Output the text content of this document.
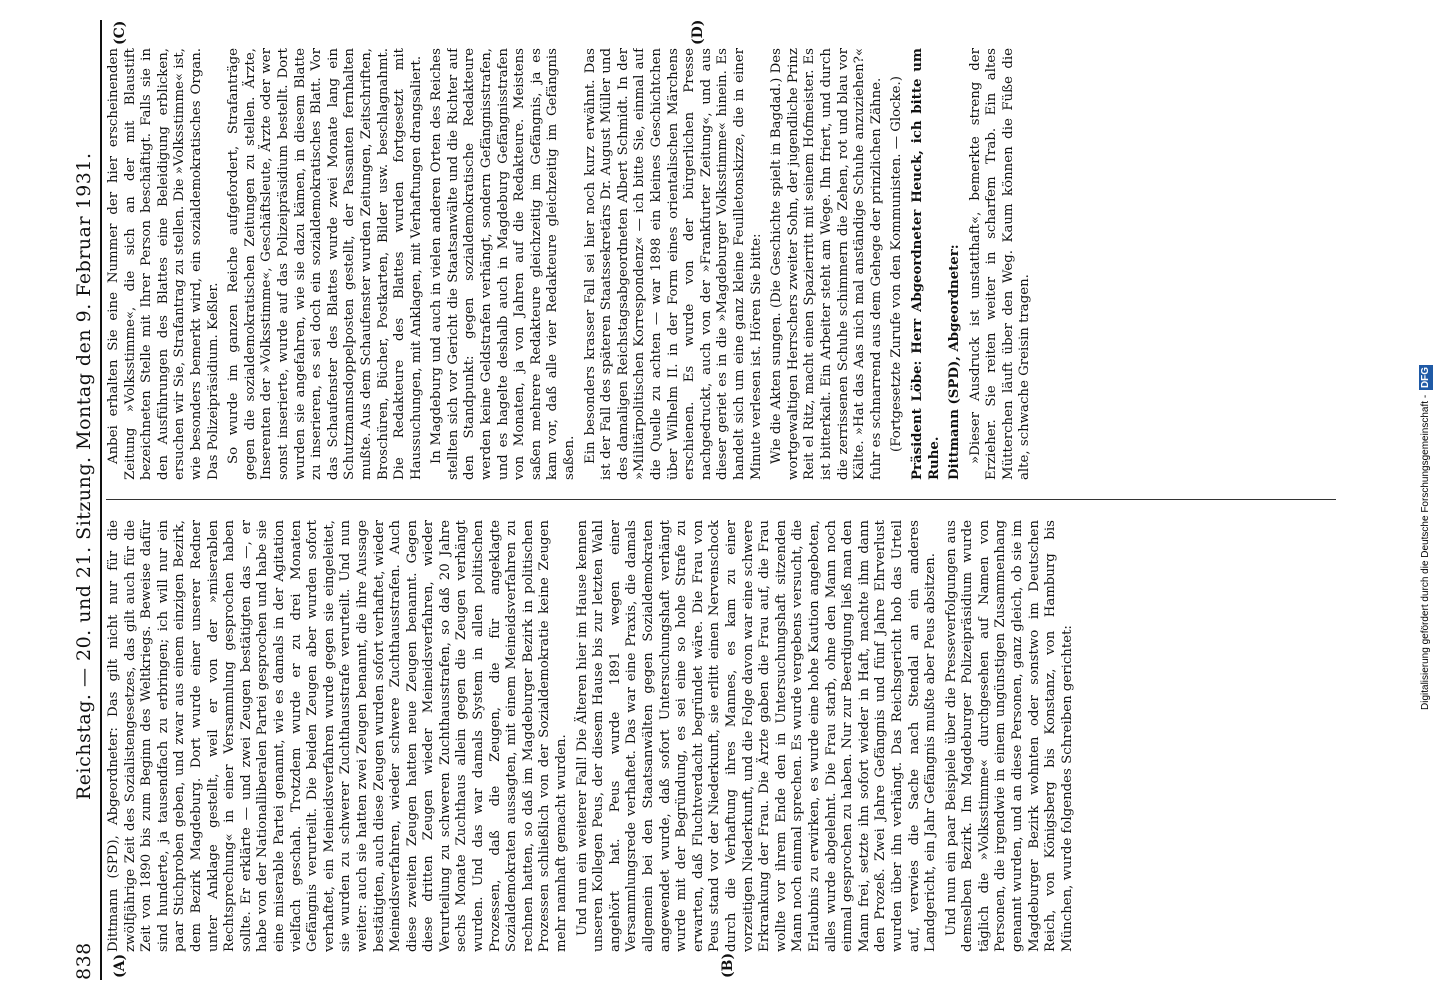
838
Reichstag. — 20. und 21. Sitzung. Montag den 9. Februar 1931.
(A)	(B)
(C)	(D)

Dittmann (SPD), Abgeordneter: Das gilt nicht nur für die zwölfjährige Zeit des Sozialistengesetzes, das gilt auch für die Zeit von 1890 bis zum Beginn des Weltkriegs. Beweise dafür sind hunderte, ja tausendfach zu erbringen; ich will nur ein paar Stichproben geben, und zwar aus einem einzigen Bezirk, dem Bezirk Magdeburg. Dort wurde einer unserer Redner unter Anklage gestellt, weil er von der »miserablen Rechtsprechung« in einer Versammlung gesprochen haben sollte. Er erklärte — und zwei Zeugen bestätigten das —, er habe von der Nationalliberalen Partei gesprochen und habe sie eine miserable Partei genannt, wie es damals in der Agitation vielfach geschah. Trotzdem wurde er zu drei Monaten Gefängnis verurteilt. Die beiden Zeugen aber wurden sofort verhaftet, ein Meineidsverfahren wurde gegen sie eingeleitet, sie wurden zu schwerer Zuchthausstrafe verurteilt. Und nun weiter: auch sie hatten zwei Zeugen benannt, die ihre Aussage bestätigten, auch diese Zeugen wurden sofort verhaftet, wieder Meineidsverfahren, wieder schwere Zuchthausstrafen. Auch diese zweiten Zeugen hatten neue Zeugen benannt. Gegen diese dritten Zeugen wieder Meineidsverfahren, wieder Verurteilung zu schweren Zuchthausstrafen, so daß 20 Jahre sechs Monate Zuchthaus allein gegen die Zeugen verhängt wurden. Und das war damals System in allen politischen Prozessen, daß die Zeugen, die für angeklagte Sozialdemokraten aussagten, mit einem Meineidsverfahren zu rechnen hatten, so daß im Magdeburger Bezirk in politischen Prozessen schließlich von der Sozialdemokratie keine Zeugen mehr namhaft gemacht wurden. Und nun ein weiterer Fall! Die Älteren hier im Hause kennen unseren Kollegen Peus, der diesem Hause bis zur letzten Wahl angehört hat. Peus wurde 1891 wegen einer Versammlungsrede verhaftet. Das war eine Praxis, die damals allgemein bei den Staatsanwälten gegen Sozialdemokraten angewendet wurde, daß sofort Untersuchungshaft verhängt wurde mit der Begründung, es sei eine so hohe Strafe zu erwarten, daß Fluchtverdacht begründet wäre. Die Frau von Peus stand vor der Niederkunft, sie erlitt einen Nervenschock durch die Verhaftung ihres Mannes, es kam zu einer vorzeitigen Niederkunft, und die Folge davon war eine schwere Erkrankung der Frau. Die Ärzte gaben die Frau auf, die Frau wollte vor ihrem Ende den in Untersuchungshaft sitzenden Mann noch einmal sprechen. Es wurde vergebens versucht, die Erlaubnis zu erwirken, es wurde eine hohe Kaution angeboten, alles wurde abgelehnt. Die Frau starb, ohne den Mann noch einmal gesprochen zu haben. Nur zur Beerdigung ließ man den Mann frei, setzte ihn sofort wieder in Haft, machte ihm dann den Prozeß. Zwei Jahre Gefängnis und fünf Jahre Ehrverlust wurden über ihn verhängt. Das Reichsgericht hob das Urteil auf, verwies die Sache nach Stendal an ein anderes Landgericht, ein Jahr Gefängnis mußte aber Peus absitzen. Und nun ein paar Beispiele über die Presseverfolgungen aus demselben Bezirk. Im Magdeburger Polizeipräsidium wurde täglich die »Volksstimme« durchgesehen auf Namen von Personen, die irgendwie in einem ungünstigen Zusammenhang genannt wurden, und an diese Personen, ganz gleich, ob sie im Magdeburger Bezirk wohnten oder sonstwo im Deutschen Reich, von Königsberg bis Konstanz, von Hamburg bis München, wurde folgendes Schreiben gerichtet:

Anbei erhalten Sie eine Nummer der hier erscheinenden Zeitung »Volksstimme«, die sich an der mit Blaustift bezeichneten Stelle mit Ihrer Person beschäftigt. Falls sie in den Ausführungen des Blattes eine Beleidigung erblicken, ersuchen wir Sie, Strafantrag zu stellen. Die »Volksstimme« ist, wie besonders bemerkt wird, ein sozialdemokratisches Organ. Das Polizeipräsidium. Keßler. So wurde im ganzen Reiche aufgefordert, Strafanträge gegen die sozialdemokratischen Zeitungen zu stellen. Ärzte, Inserenten der »Volksstimme«, Geschäftsleute, Ärzte oder wer sonst inserierte, wurde auf das Polizeipräsidium bestellt. Dort wurden sie angefahren, wie sie dazu kämen, in diesem Blatte zu inserieren, es sei doch ein sozialdemokratisches Blatt. Vor das Schaufenster des Blattes wurde zwei Monate lang ein Schutzmannsdoppelposten gestellt, der Passanten fernhalten mußte. Aus dem Schaufenster wurden Zeitungen, Zeitschriften, Broschüren, Bücher, Postkarten, Bilder usw. beschlagnahmt. Die Redakteure des Blattes wurden fortgesetzt mit Haussuchungen, mit Anklagen, mit Verhaftungen drangsaliert. In Magdeburg und auch in vielen anderen Orten des Reiches stellten sich vor Gericht die Staatsanwälte und die Richter auf den Standpunkt: gegen sozialdemokratische Redakteure werden keine Geldstrafen verhängt, sondern Gefängnisstrafen, und es hagelte deshalb auch in Magdeburg Gefängnisstrafen von Monaten, ja von Jahren auf die Redakteure. Meistens saßen mehrere Redakteure gleichzeitig im Gefängnis, ja es kam vor, daß alle vier Redakteure gleichzeitig im Gefängnis saßen. Ein besonders krasser Fall sei hier noch kurz erwähnt. Das ist der Fall des späteren Staatssekretärs Dr. August Müller und des damaligen Reichstagsabgeordneten Albert Schmidt. In der »Militärpolitischen Korrespondenz« — ich bitte Sie, einmal auf die Quelle zu achten — war 1898 ein kleines Geschichtchen über Wilhelm II. in der Form eines orientalischen Märchens erschienen. Es wurde von der bürgerlichen Presse nachgedruckt, auch von der »Frankfurter Zeitung«, und aus dieser geriet es in die »Magdeburger Volksstimme« hinein. Es handelt sich um eine ganz kleine Feuilletonskizze, die in einer Minute verlesen ist. Hören Sie bitte: Wie die Akten sungen. (Die Geschichte spielt in Bagdad.) Des wortgewaltigen Herrschers zweiter Sohn, der jugendliche Prinz Reit el Ritz, macht einen Spazierritt mit seinem Hofmeister. Es ist bitterkalt. Ein Arbeiter steht am Wege. Ihn friert, und durch die zerrissenen Schuhe schimmern die Zehen, rot und blau vor Kälte. »Hat das Aas nich mal anständige Schuhe anzuziehen?« fuhr es schnarrend aus dem Gehege der prinzlichen Zähne. (Fortgesetzte Zurufe von den Kommunisten. — Glocke.) Präsident Löbe: Herr Abgeordneter Heuck, ich bitte um Ruhe. Dittmann (SPD), Abgeordneter: »Dieser Ausdruck ist unstatthaft«, bemerkte streng der Erzieher. Sie reiten weiter in scharfem Trab. Ein altes Mütterchen läuft über den Weg. Kaum können die Füße die alte, schwache Greisin tragen.

Digitalisierung gefördert durch die Deutsche Forschungsgemeinschaft - DFG
